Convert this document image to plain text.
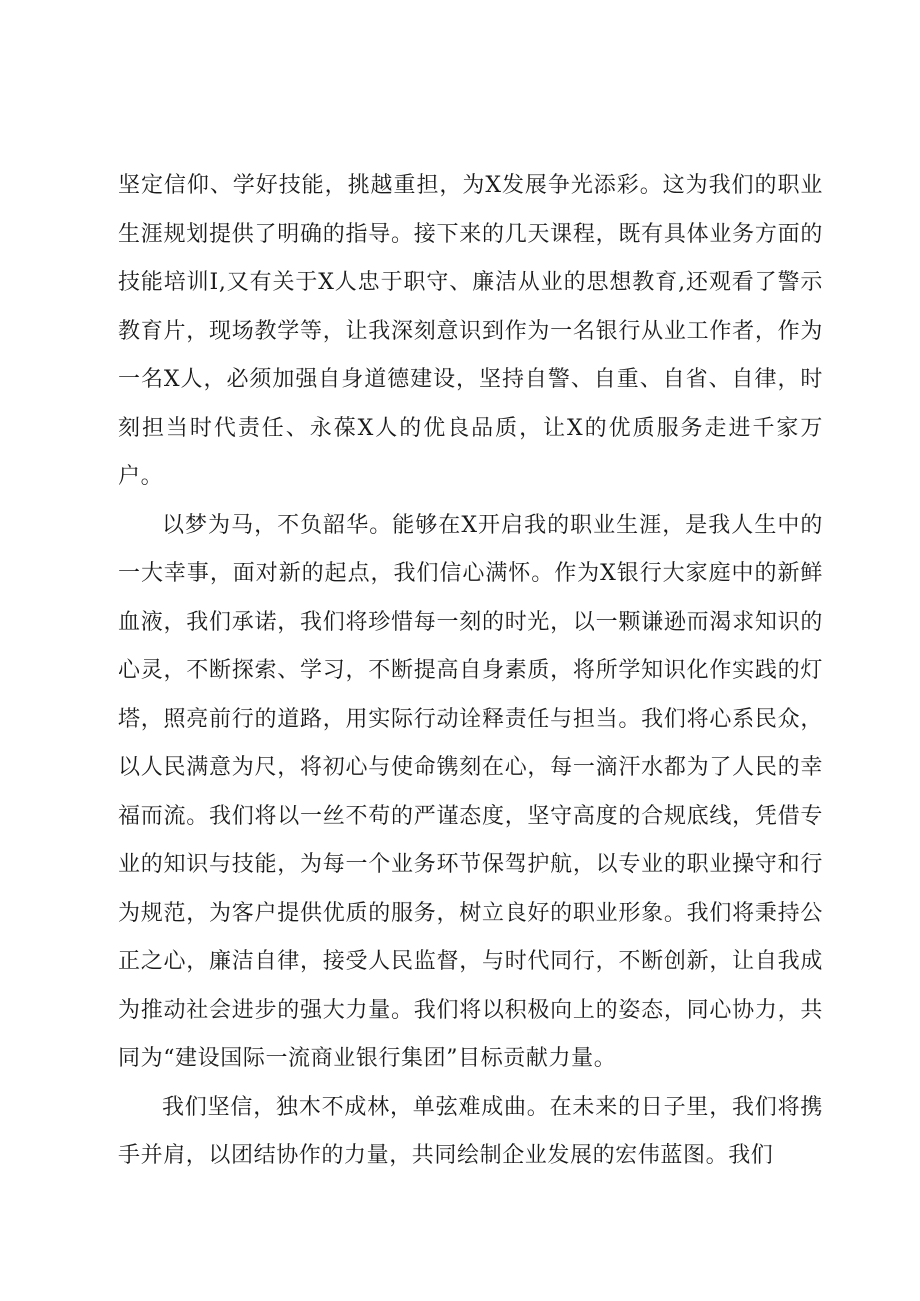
坚定信仰、学好技能，挑越重担，为X发展争光添彩。这为我们的职业生涯规划提供了明确的指导。接下来的几天课程，既有具体业务方面的技能培训I,又有关于X人忠于职守、廉洁从业的思想教育,还观看了警示教育片，现场教学等，让我深刻意识到作为一名银行从业工作者，作为一名X人，必须加强自身道德建设，坚持自警、自重、自省、自律，时刻担当时代责任、永葆X人的优良品质，让X的优质服务走进千家万户。

以梦为马，不负韶华。能够在X开启我的职业生涯，是我人生中的一大幸事，面对新的起点，我们信心满怀。作为X银行大家庭中的新鲜血液，我们承诺，我们将珍惜每一刻的时光，以一颗谦逊而渴求知识的心灵，不断探索、学习，不断提高自身素质，将所学知识化作实践的灯塔，照亮前行的道路，用实际行动诠释责任与担当。我们将心系民众，以人民满意为尺，将初心与使命镌刻在心，每一滴汗水都为了人民的幸福而流。我们将以一丝不苟的严谨态度，坚守高度的合规底线，凭借专业的知识与技能，为每一个业务环节保驾护航，以专业的职业操守和行为规范，为客户提供优质的服务，树立良好的职业形象。我们将秉持公正之心，廉洁自律，接受人民监督，与时代同行，不断创新，让自我成为推动社会进步的强大力量。我们将以积极向上的姿态，同心协力，共同为“建设国际一流商业银行集团”目标贡献力量。

我们坚信，独木不成林，单弦难成曲。在未来的日子里，我们将携手并肩，以团结协作的力量，共同绘制企业发展的宏伟蓝图。我们
